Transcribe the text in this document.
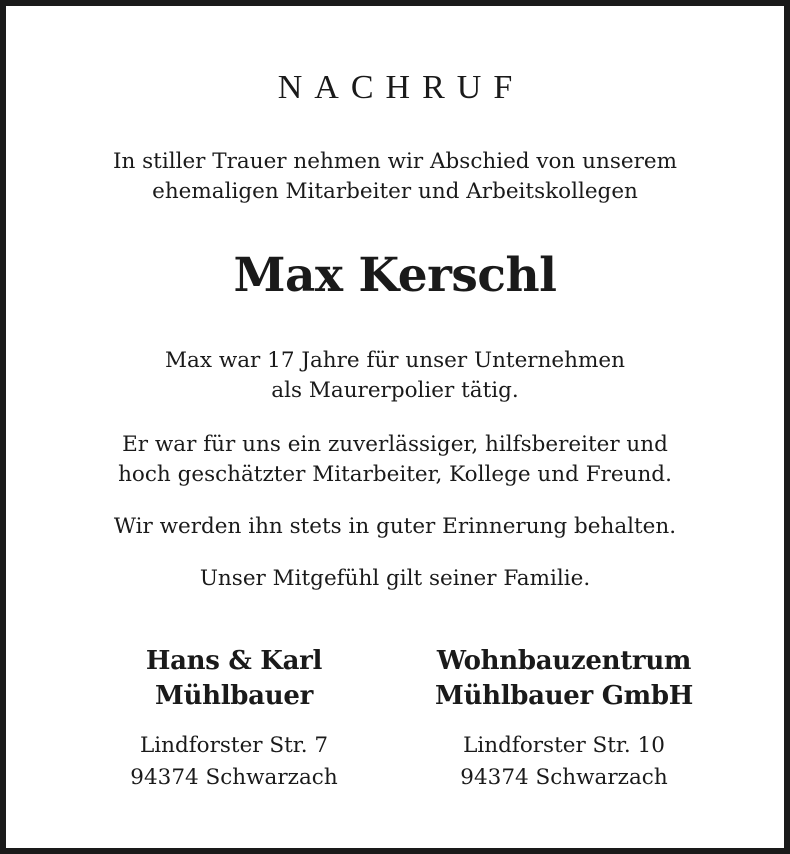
NACHRUF
In stiller Trauer nehmen wir Abschied von unserem
ehemaligen Mitarbeiter und Arbeitskollegen
Max Kerschl
Max war 17 Jahre für unser Unternehmen
als Maurerpolier tätig.
Er war für uns ein zuverlässiger, hilfsbereiter und
hoch geschätzter Mitarbeiter, Kollege und Freund.
Wir werden ihn stets in guter Erinnerung behalten.
Unser Mitgefühl gilt seiner Familie.
Hans & Karl
Mühlbauer
Lindforster Str. 7
94374 Schwarzach
Wohnbauzentrum
Mühlbauer GmbH
Lindforster Str. 10
94374 Schwarzach
